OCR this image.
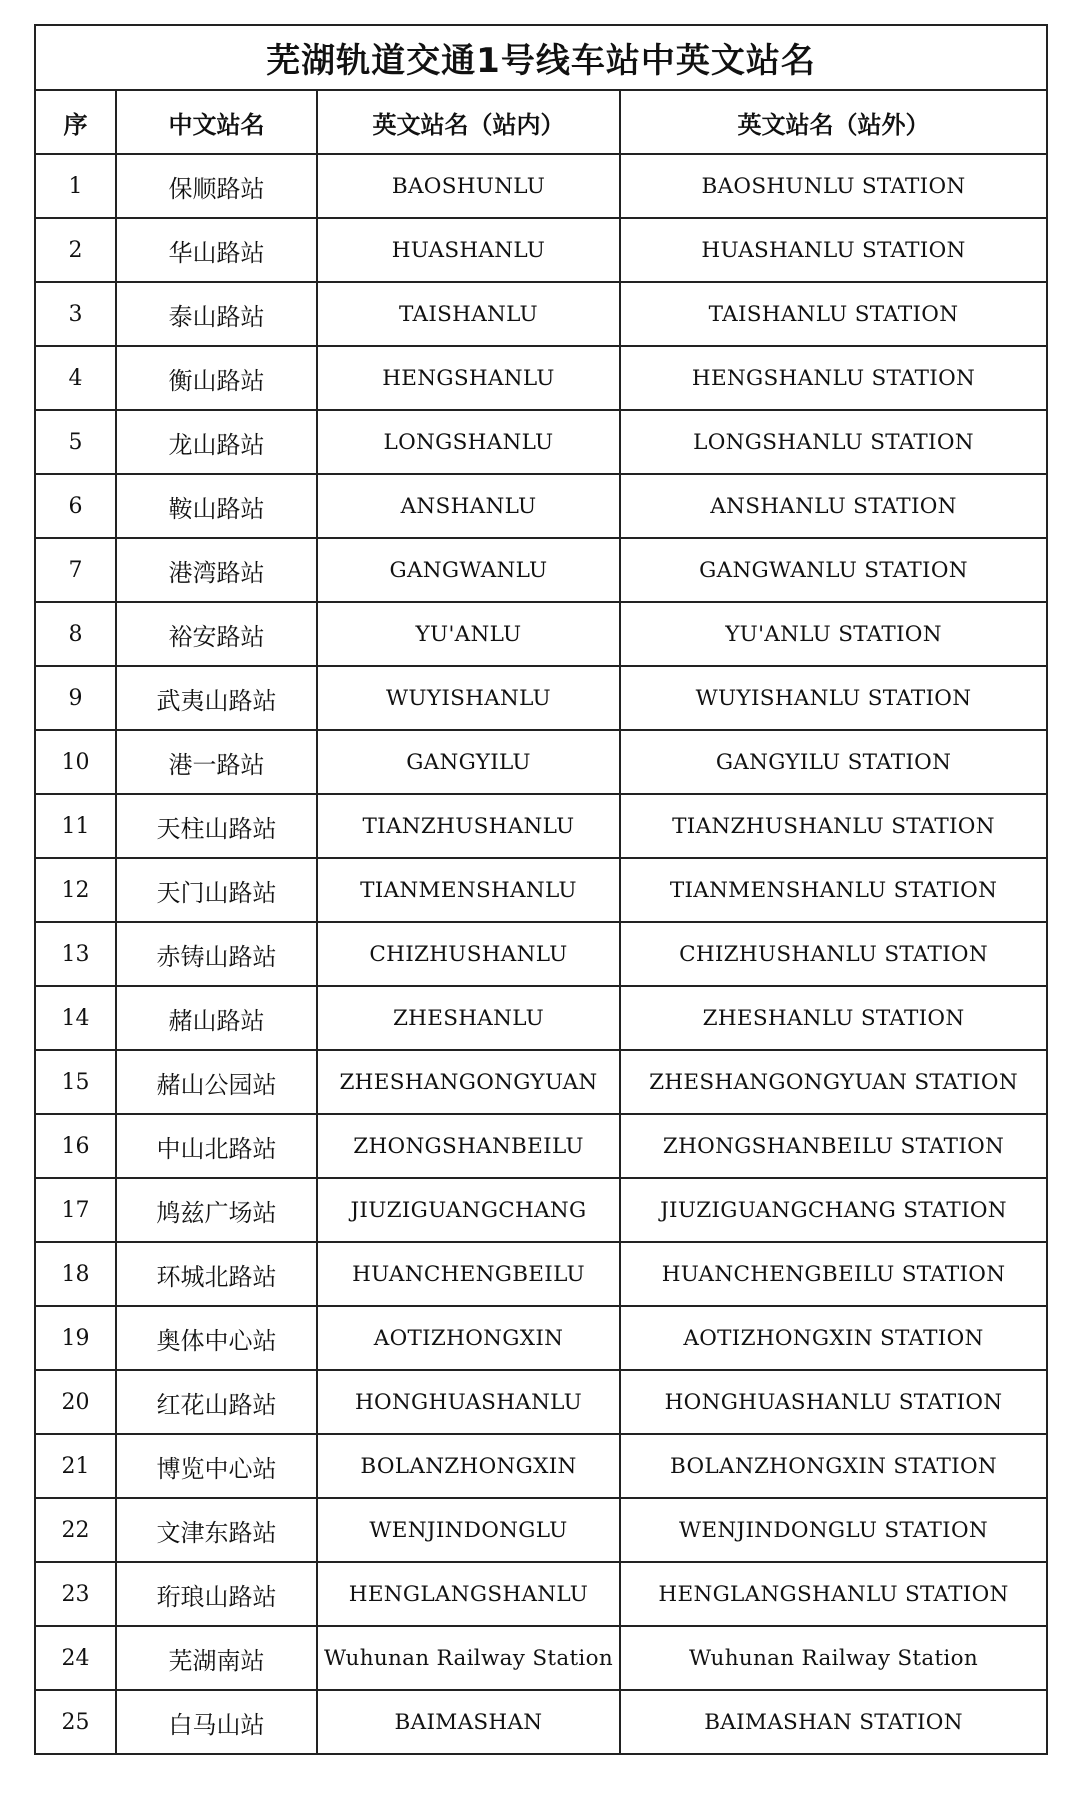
芜湖轨道交通1号线车站中英文站名			
序	中文站名	英文站名（站内）	英文站名（站外）
1	保顺路站	BAOSHUNLU	BAOSHUNLU STATION
2	华山路站	HUASHANLU	HUASHANLU STATION
3	泰山路站	TAISHANLU	TAISHANLU STATION
4	衡山路站	HENGSHANLU	HENGSHANLU STATION
5	龙山路站	LONGSHANLU	LONGSHANLU STATION
6	鞍山路站	ANSHANLU	ANSHANLU STATION
7	港湾路站	GANGWANLU	GANGWANLU STATION
8	裕安路站	YU'ANLU	YU'ANLU STATION
9	武夷山路站	WUYISHANLU	WUYISHANLU STATION
10	港一路站	GANGYILU	GANGYILU STATION
11	天柱山路站	TIANZHUSHANLU	TIANZHUSHANLU STATION
12	天门山路站	TIANMENSHANLU	TIANMENSHANLU STATION
13	赤铸山路站	CHIZHUSHANLU	CHIZHUSHANLU STATION
14	赭山路站	ZHESHANLU	ZHESHANLU STATION
15	赭山公园站	ZHESHANGONGYUAN	ZHESHANGONGYUAN STATION
16	中山北路站	ZHONGSHANBEILU	ZHONGSHANBEILU STATION
17	鸠兹广场站	JIUZIGUANGCHANG	JIUZIGUANGCHANG STATION
18	环城北路站	HUANCHENGBEILU	HUANCHENGBEILU STATION
19	奥体中心站	AOTIZHONGXIN	AOTIZHONGXIN STATION
20	红花山路站	HONGHUASHANLU	HONGHUASHANLU STATION
21	博览中心站	BOLANZHONGXIN	BOLANZHONGXIN STATION
22	文津东路站	WENJINDONGLU	WENJINDONGLU STATION
23	珩琅山路站	HENGLANGSHANLU	HENGLANGSHANLU STATION
24	芜湖南站	Wuhunan Railway Station	Wuhunan Railway Station
25	白马山站	BAIMASHAN	BAIMASHAN STATION
